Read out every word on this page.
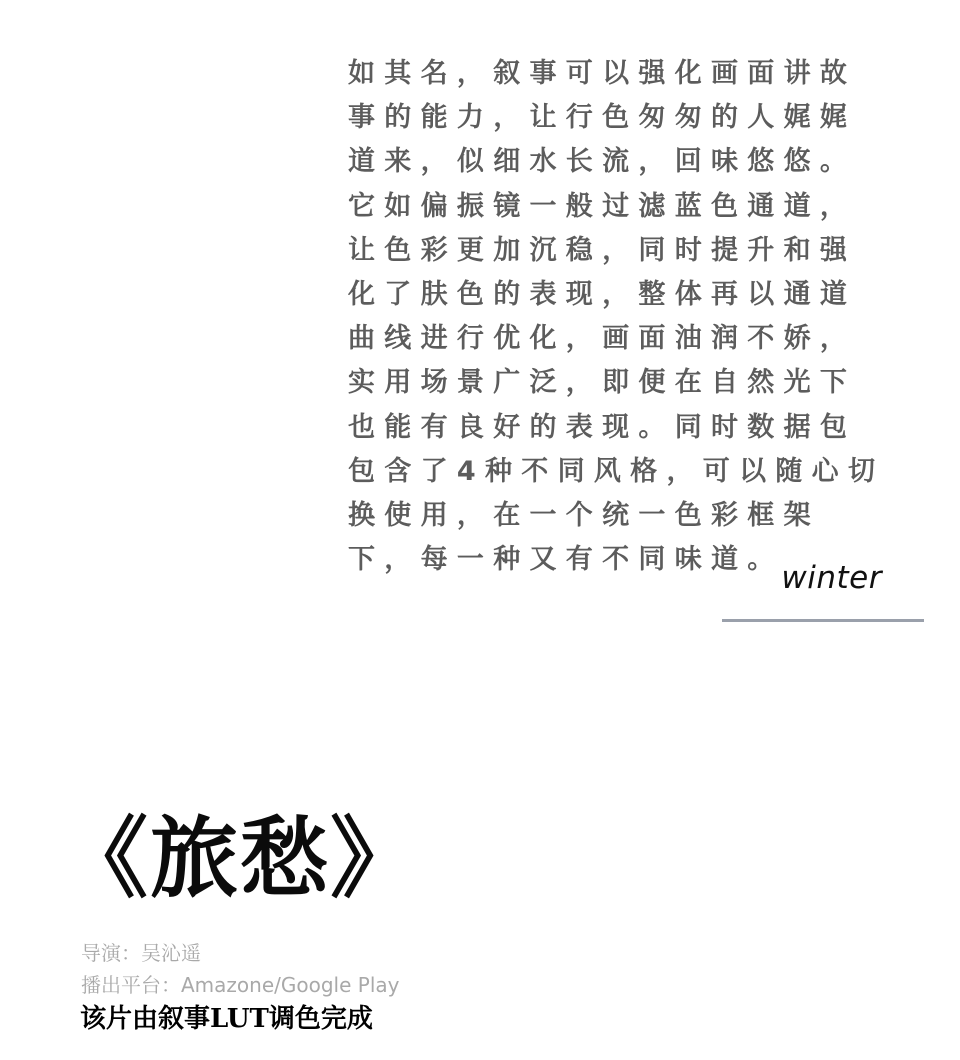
如其名，叙事可以强化画面讲故事的能力，让行色匆匆的人娓娓道来，似细水长流，回味悠悠。它如偏振镜一般过滤蓝色通道，让色彩更加沉稳，同时提升和强化了肤色的表现，整体再以通道曲线进行优化，画面油润不娇，实用场景广泛，即便在自然光下也能有良好的表现。同时数据包包含了4种不同风格，可以随心切换使用，在一个统一色彩框架下，每一种又有不同味道。

winter
《旅愁》
导演：吴沁遥
播出平台：Amazone/Google Play
该片由叙事LUT调色完成
